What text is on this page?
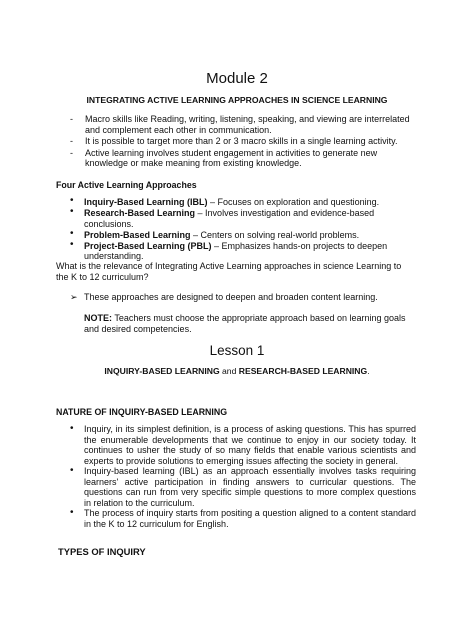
Module 2
INTEGRATING ACTIVE LEARNING APPROACHES IN SCIENCE LEARNING
- Macro skills like Reading, writing, listening, speaking, and viewing are interrelated and complement each other in communication.
- It is possible to target more than 2 or 3 macro skills in a single learning activity.
- Active learning involves student engagement in activities to generate new knowledge or make meaning from existing knowledge.
Four Active Learning Approaches
• Inquiry-Based Learning (IBL) – Focuses on exploration and questioning.
• Research-Based Learning – Involves investigation and evidence-based conclusions.
• Problem-Based Learning – Centers on solving real-world problems.
• Project-Based Learning (PBL) – Emphasizes hands-on projects to deepen understanding.
What is the relevance of Integrating Active Learning approaches in science Learning to the K to 12 curriculum?
➢ These approaches are designed to deepen and broaden content learning.
NOTE: Teachers must choose the appropriate approach based on learning goals and desired competencies.
Lesson 1
INQUIRY-BASED LEARNING and RESEARCH-BASED LEARNING.
NATURE OF INQUIRY-BASED LEARNING
• Inquiry, in its simplest definition, is a process of asking questions. This has spurred the enumerable developments that we continue to enjoy in our society today. It continues to usher the study of so many fields that enable various scientists and experts to provide solutions to emerging issues affecting the society in general.
• Inquiry-based learning (IBL) as an approach essentially involves tasks requiring learners' active participation in finding answers to curricular questions. The questions can run from very specific simple questions to more complex questions in relation to the curriculum.
• The process of inquiry starts from positing a question aligned to a content standard in the K to 12 curriculum for English.
TYPES OF INQUIRY
